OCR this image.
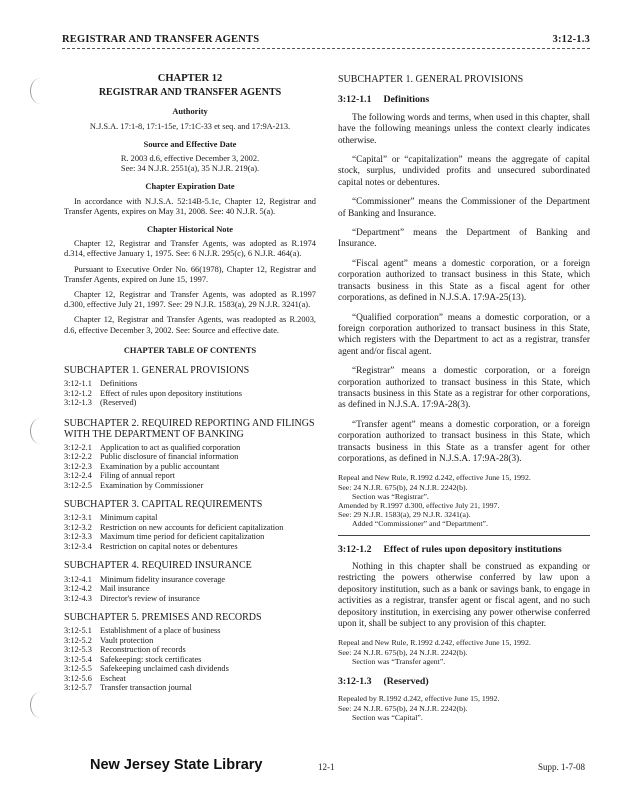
REGISTRAR AND TRANSFER AGENTS	3:12-1.3
CHAPTER 12
REGISTRAR AND TRANSFER AGENTS
Authority
N.J.S.A. 17:1-8, 17:1-15e, 17:1C-33 et seq. and 17:9A-213.
Source and Effective Date
R. 2003 d.6, effective December 3, 2002.
See: 34 N.J.R. 2551(a), 35 N.J.R. 219(a).
Chapter Expiration Date
In accordance with N.J.S.A. 52:14B-5.1c, Chapter 12, Registrar and Transfer Agents, expires on May 31, 2008. See: 40 N.J.R. 5(a).
Chapter Historical Note
Chapter 12, Registrar and Transfer Agents, was adopted as R.1974 d.314, effective January 1, 1975. See: 6 N.J.R. 295(c), 6 N.J.R. 464(a).
Pursuant to Executive Order No. 66(1978), Chapter 12, Registrar and Transfer Agents, expired on June 15, 1997.
Chapter 12, Registrar and Transfer Agents, was adopted as R.1997 d.300, effective July 21, 1997. See: 29 N.J.R. 1583(a), 29 N.J.R. 3241(a).
Chapter 12, Registrar and Transfer Agents, was readopted as R.2003, d.6, effective December 3, 2002. See: Source and effective date.
CHAPTER TABLE OF CONTENTS
SUBCHAPTER 1. GENERAL PROVISIONS
3:12-1.1 Definitions
3:12-1.2 Effect of rules upon depository institutions
3:12-1.3 (Reserved)
SUBCHAPTER 2. REQUIRED REPORTING AND FILINGS WITH THE DEPARTMENT OF BANKING
3:12-2.1 Application to act as qualified corporation
3:12-2.2 Public disclosure of financial information
3:12-2.3 Examination by a public accountant
3:12-2.4 Filing of annual report
3:12-2.5 Examination by Commissioner
SUBCHAPTER 3. CAPITAL REQUIREMENTS
3:12-3.1 Minimum capital
3:12-3.2 Restriction on new accounts for deficient capitalization
3:12-3.3 Maximum time period for deficient capitalization
3:12-3.4 Restriction on capital notes or debentures
SUBCHAPTER 4. REQUIRED INSURANCE
3:12-4.1 Minimum fidelity insurance coverage
3:12-4.2 Mail insurance
3:12-4.3 Director's review of insurance
SUBCHAPTER 5. PREMISES AND RECORDS
3:12-5.1 Establishment of a place of business
3:12-5.2 Vault protection
3:12-5.3 Reconstruction of records
3:12-5.4 Safekeeping: stock certificates
3:12-5.5 Safekeeping unclaimed cash dividends
3:12-5.6 Escheat
3:12-5.7 Transfer transaction journal
SUBCHAPTER 1. GENERAL PROVISIONS
3:12-1.1 Definitions
The following words and terms, when used in this chapter, shall have the following meanings unless the context clearly indicates otherwise.
“Capital” or “capitalization” means the aggregate of capital stock, surplus, undivided profits and unsecured subordinated capital notes or debentures.
“Commissioner” means the Commissioner of the Department of Banking and Insurance.
“Department” means the Department of Banking and Insurance.
“Fiscal agent” means a domestic corporation, or a foreign corporation authorized to transact business in this State, which transacts business in this State as a fiscal agent for other corporations, as defined in N.J.S.A. 17:9A-25(13).
“Qualified corporation” means a domestic corporation, or a foreign corporation authorized to transact business in this State, which registers with the Department to act as a registrar, transfer agent and/or fiscal agent.
“Registrar” means a domestic corporation, or a foreign corporation authorized to transact business in this State, which transacts business in this State as a registrar for other corporations, as defined in N.J.S.A. 17:9A-28(3).
“Transfer agent” means a domestic corporation, or a foreign corporation authorized to transact business in this State, which transacts business in this State as a transfer agent for other corporations, as defined in N.J.S.A. 17:9A-28(3).
Repeal and New Rule, R.1992 d.242, effective June 15, 1992.
See: 24 N.J.R. 675(b), 24 N.J.R. 2242(b).
Section was “Registrar”.
Amended by R.1997 d.300, effective July 21, 1997.
See: 29 N.J.R. 1583(a), 29 N.J.R. 3241(a).
Added “Commissioner” and “Department”.
3:12-1.2 Effect of rules upon depository institutions
Nothing in this chapter shall be construed as expanding or restricting the powers otherwise conferred by law upon a depository institution, such as a bank or savings bank, to engage in activities as a registrar, transfer agent or fiscal agent, and no such depository institution, in exercising any power otherwise conferred upon it, shall be subject to any provision of this chapter.
Repeal and New Rule, R.1992 d.242, effective June 15, 1992.
See: 24 N.J.R. 675(b), 24 N.J.R. 2242(b).
Section was “Transfer agent”.
3:12-1.3 (Reserved)
Repealed by R.1992 d.242, effective June 15, 1992.
See: 24 N.J.R. 675(b), 24 N.J.R. 2242(b).
Section was “Capital”.
New Jersey State Library	12-1	Supp. 1-7-08
